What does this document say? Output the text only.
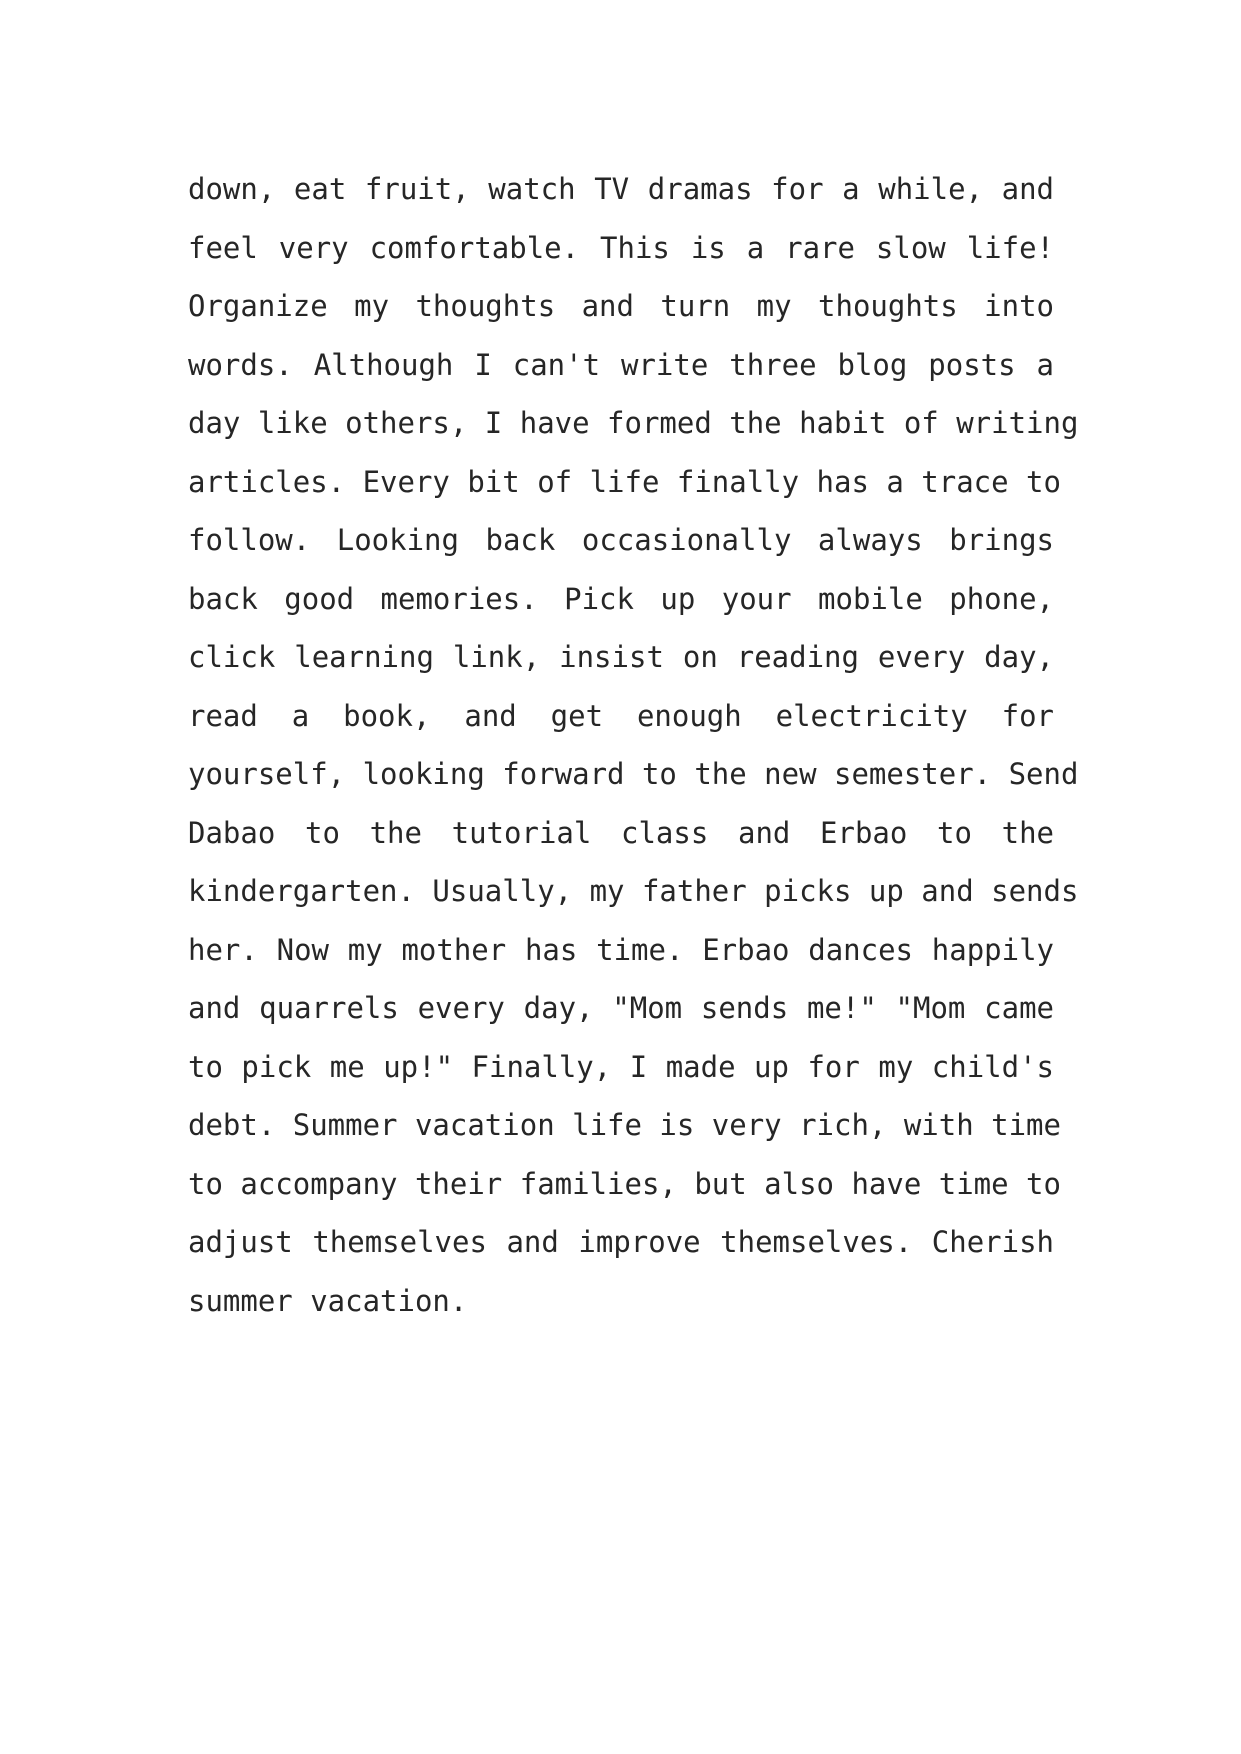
down, eat fruit, watch TV dramas for a while, and
feel very comfortable. This is a rare slow life!
Organize my thoughts and turn my thoughts into
words. Although I can't write three blog posts a
day like others, I have formed the habit of writing
articles. Every bit of life finally has a trace to
follow. Looking back occasionally always brings
back good memories. Pick up your mobile phone,
click learning link, insist on reading every day,
read a book, and get enough electricity for
yourself, looking forward to the new semester. Send
Dabao to the tutorial class and Erbao to the
kindergarten. Usually, my father picks up and sends
her. Now my mother has time. Erbao dances happily
and quarrels every day, "Mom sends me!" "Mom came
to pick me up!" Finally, I made up for my child's
debt. Summer vacation life is very rich, with time
to accompany their families, but also have time to
adjust themselves and improve themselves. Cherish
summer vacation.
